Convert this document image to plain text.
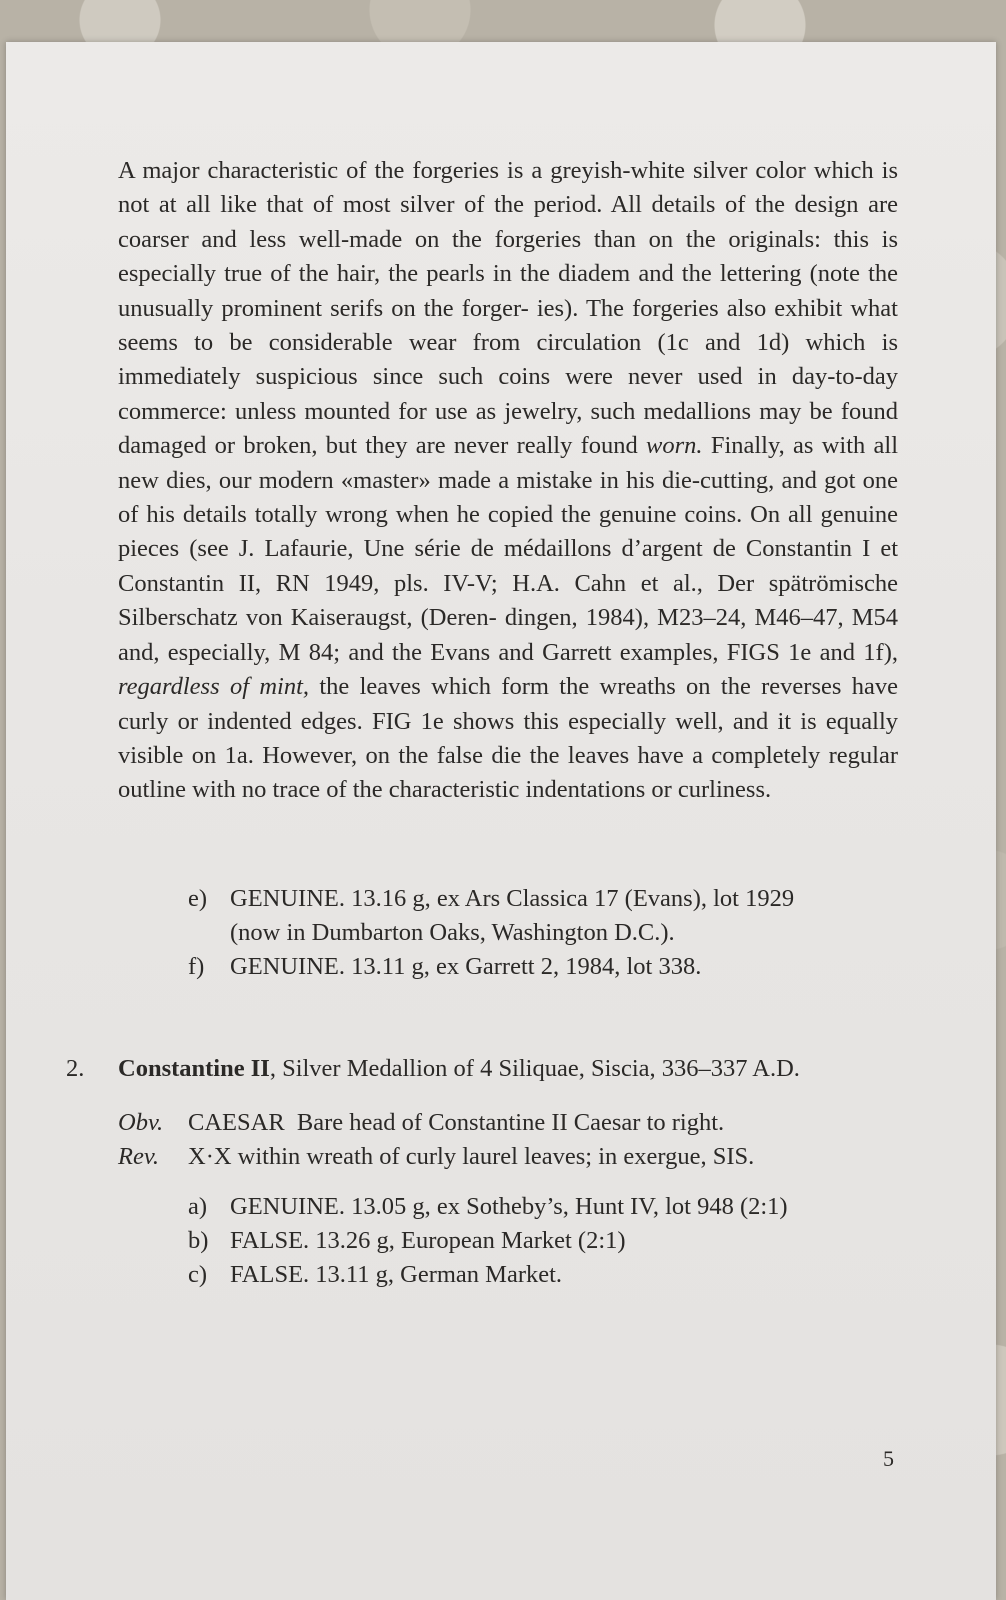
A major characteristic of the forgeries is a greyish-white silver color which is not at all like that of most silver of the period. All details of the design are coarser and less well-made on the forgeries than on the originals: this is especially true of the hair, the pearls in the diadem and the lettering (note the unusually prominent serifs on the forger- ies). The forgeries also exhibit what seems to be considerable wear from circulation (1c and 1d) which is immediately suspicious since such coins were never used in day-to-day commerce: unless mounted for use as jewelry, such medallions may be found damaged or broken, but they are never really found worn. Finally, as with all new dies, our modern «master» made a mistake in his die-cutting, and got one of his details totally wrong when he copied the genuine coins. On all genuine pieces (see J. Lafaurie, Une série de médaillons d’argent de Constantin I et Constantin II, RN 1949, pls. IV-V; H.A. Cahn et al., Der spätrömische Silberschatz von Kaiseraugst, (Deren- dingen, 1984), M23–24, M46–47, M54 and, especially, M 84; and the Evans and Garrett examples, FIGS 1e and 1f), regardless of mint, the leaves which form the wreaths on the reverses have curly or indented edges. FIG 1e shows this especially well, and it is equally visible on 1a. However, on the false die the leaves have a completely regular outline with no trace of the characteristic indentations or curliness.

e) GENUINE. 13.16 g, ex Ars Classica 17 (Evans), lot 1929
(now in Dumbarton Oaks, Washington D.C.).
f) GENUINE. 13.11 g, ex Garrett 2, 1984, lot 338.
2. Constantine II, Silver Medallion of 4 Siliquae, Siscia, 336–337 A.D.
Obv. CAESAR  Bare head of Constantine II Caesar to right.
Rev. X·X within wreath of curly laurel leaves; in exergue, SIS.
a) GENUINE. 13.05 g, ex Sotheby’s, Hunt IV, lot 948 (2:1)
b) FALSE. 13.26 g, European Market (2:1)
c) FALSE. 13.11 g, German Market.
5
